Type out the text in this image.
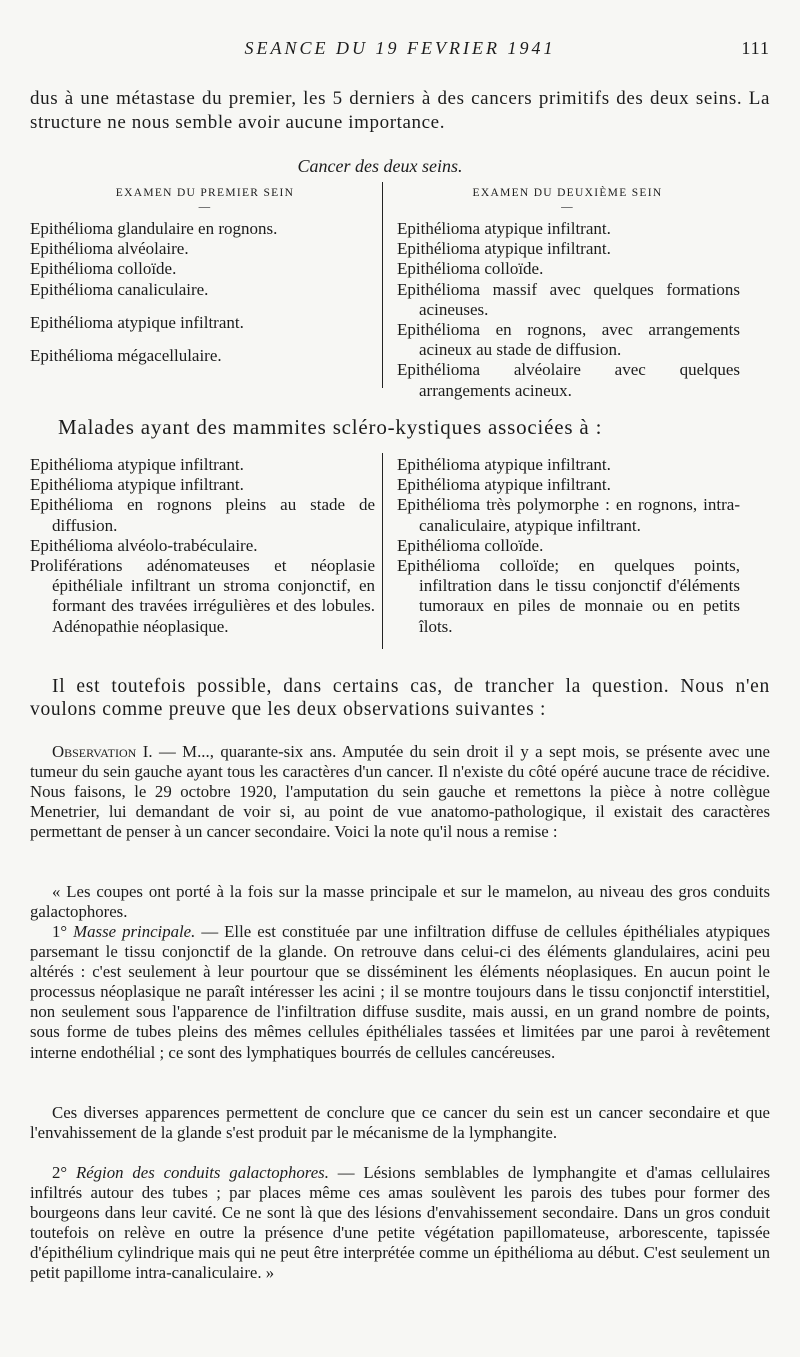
SEANCE DU 19 FEVRIER 1941	111

dus à une métastase du premier, les 5 derniers à des cancers primitifs des deux seins. La structure ne nous semble avoir aucune importance.

Cancer des deux seins.
EXAMEN DU PREMIER SEIN
—
EXAMEN DU DEUXIÈME SEIN
—

Epithélioma glandulaire en rognons.

Epithélioma alvéolaire.

Epithélioma colloïde.

Epithélioma canaliculaire.

Epithélioma atypique infiltrant.

Epithélioma mégacellulaire.

Epithélioma atypique infiltrant.

Epithélioma atypique infiltrant.

Epithélioma colloïde.

Epithélioma massif avec quelques formations acineuses.

Epithélioma en rognons, avec arrangements acineux au stade de diffusion.

Epithélioma alvéolaire avec quelques arrangements acineux.

Malades ayant des mammites scléro-kystiques associées à :

Epithélioma atypique infiltrant.

Epithélioma atypique infiltrant.

Epithélioma en rognons pleins au stade de diffusion.

Epithélioma alvéolo-trabéculaire.

Proliférations adénomateuses et néoplasie épithéliale infiltrant un stroma conjonctif, en formant des travées irrégulières et des lobules. Adénopathie néoplasique.

Epithélioma atypique infiltrant.

Epithélioma atypique infiltrant.

Epithélioma très polymorphe : en rognons, intra-canaliculaire, atypique infiltrant.

Epithélioma colloïde.

Epithélioma colloïde; en quelques points, infiltration dans le tissu conjonctif d'éléments tumoraux en piles de monnaie ou en petits îlots.

Il est toutefois possible, dans certains cas, de trancher la question. Nous n'en voulons comme preuve que les deux observations suivantes :

Observation I. — M..., quarante-six ans. Amputée du sein droit il y a sept mois, se présente avec une tumeur du sein gauche ayant tous les caractères d'un cancer. Il n'existe du côté opéré aucune trace de récidive. Nous faisons, le 29 octobre 1920, l'amputation du sein gauche et remettons la pièce à notre collègue Menetrier, lui demandant de voir si, au point de vue anatomo-pathologique, il existait des caractères permettant de penser à un cancer secondaire. Voici la note qu'il nous a remise :

« Les coupes ont porté à la fois sur la masse principale et sur le mamelon, au niveau des gros conduits galactophores.

1° Masse principale. — Elle est constituée par une infiltration diffuse de cellules épithéliales atypiques parsemant le tissu conjonctif de la glande. On retrouve dans celui-ci des éléments glandulaires, acini peu altérés : c'est seulement à leur pourtour que se disséminent les éléments néoplasiques. En aucun point le processus néoplasique ne paraît intéresser les acini ; il se montre toujours dans le tissu conjonctif interstitiel, non seulement sous l'apparence de l'infiltration diffuse susdite, mais aussi, en un grand nombre de points, sous forme de tubes pleins des mêmes cellules épithéliales tassées et limitées par une paroi à revêtement interne endothélial ; ce sont des lymphatiques bourrés de cellules cancéreuses.

Ces diverses apparences permettent de conclure que ce cancer du sein est un cancer secondaire et que l'envahissement de la glande s'est produit par le mécanisme de la lymphangite.

2° Région des conduits galactophores. — Lésions semblables de lymphangite et d'amas cellulaires infiltrés autour des tubes ; par places même ces amas soulèvent les parois des tubes pour former des bourgeons dans leur cavité. Ce ne sont là que des lésions d'envahissement secondaire. Dans un gros conduit toutefois on relève en outre la présence d'une petite végétation papillomateuse, arborescente, tapissée d'épithélium cylindrique mais qui ne peut être interprétée comme un épithélioma au début. C'est seulement un petit papillome intra-canaliculaire. »
